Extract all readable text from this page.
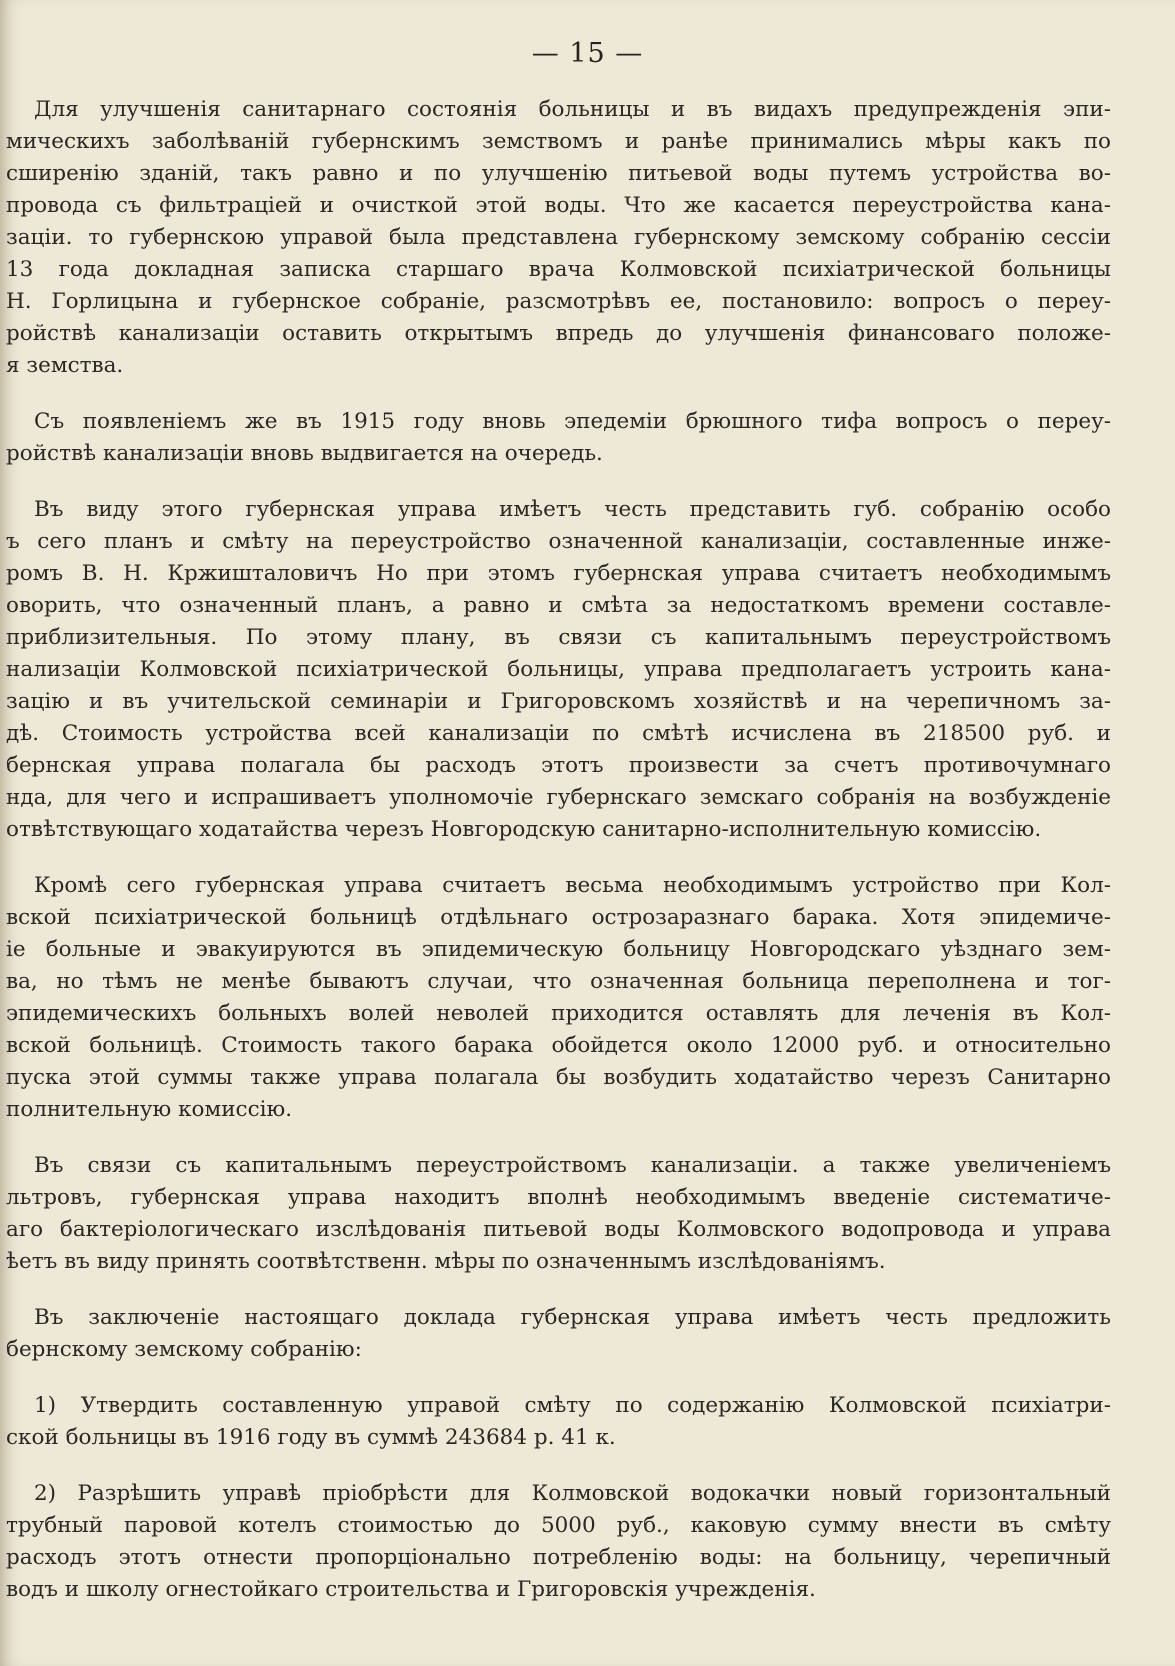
— 15 —
Для улучшенія санитарнаго состоянія больницы и въ видахъ предупрежденія эпи-
мическихъ заболѣваній губернскимъ земствомъ и ранѣе принимались мѣры какъ по
сширенію зданій, такъ равно и по улучшенію питьевой воды путемъ устройства во-
провода съ фильтраціей и очисткой этой воды. Что же касается переустройства кана-
заціи. то губернскою управой была представлена губернскому земскому собранію сессіи
13 года докладная записка старшаго врача Колмовской психіатрической больницы
Н. Горлицына и губернское собраніе, разсмотрѣвъ ее, постановило: вопросъ о переу-
ройствѣ канализаціи оставить открытымъ впредь до улучшенія финансоваго положе-
я земства.
Съ появленіемъ же въ 1915 году вновь эпедеміи брюшного тифа вопросъ о переу-
ройствѣ канализаціи вновь выдвигается на очередь.
Въ виду этого губернская управа имѣетъ честь представить губ. собранію особо
ъ сего планъ и смѣту на переустройство означенной канализаціи, составленные инже-
ромъ В. Н. Кржишталовичъ Но при этомъ губернская управа считаетъ необходимымъ
оворить, что означенный планъ, а равно и смѣта за недостаткомъ времени составле-
приблизительныя. По этому плану, въ связи съ капитальнымъ переустройствомъ
нализаціи Колмовской психіатрической больницы, управа предполагаетъ устроить кана-
зацію и въ учительской семинаріи и Григоровскомъ хозяйствѣ и на черепичномъ за-
дѣ. Стоимость устройства всей канализаціи по смѣтѣ исчислена въ 218500 руб. и
бернская управа полагала бы расходъ этотъ произвести за счетъ противочумнаго
нда, для чего и испрашиваетъ уполномочіе губернскаго земскаго собранія на возбужденіе
отвѣтствующаго ходатайства черезъ Новгородскую санитарно-исполнительную комиссію.
Кромѣ сего губернская управа считаетъ весьма необходимымъ устройство при Кол-
вской психіатрической больницѣ отдѣльнаго острозаразнаго барака. Хотя эпидемиче-
іе больные и эвакуируются въ эпидемическую больницу Новгородскаго уѣзднаго зем-
ва, но тѣмъ не менѣе бываютъ случаи, что означенная больница переполнена и тог-
эпидемическихъ больныхъ волей неволей приходится оставлять для леченія въ Кол-
вской больницѣ. Стоимость такого барака обойдется около 12000 руб. и относительно
пуска этой суммы также управа полагала бы возбудить ходатайство черезъ Санитарно
полнительную комиссію.
Въ связи съ капитальнымъ переустройствомъ канализаціи. а также увеличеніемъ
льтровъ, губернская управа находитъ вполнѣ необходимымъ введеніе систематиче-
аго бактеріологическаго изслѣдованія питьевой воды Колмовского водопровода и управа
ѣетъ въ виду принять соотвѣтственн. мѣры по означеннымъ изслѣдованіямъ.
Въ заключеніе настоящаго доклада губернская управа имѣетъ честь предложить
бернскому земскому собранію:
1) Утвердить составленную управой смѣту по содержанію Колмовской психіатри-
ской больницы въ 1916 году въ суммѣ 243684 р. 41 к.
2) Разрѣшить управѣ пріобрѣсти для Колмовской водокачки новый горизонтальный
трубный паровой котелъ стоимостью до 5000 руб., каковую сумму внести въ смѣту
расходъ этотъ отнести пропорціонально потребленію воды: на больницу, черепичный
водъ и школу огнестойкаго строительства и Григоровскія учрежденія.
